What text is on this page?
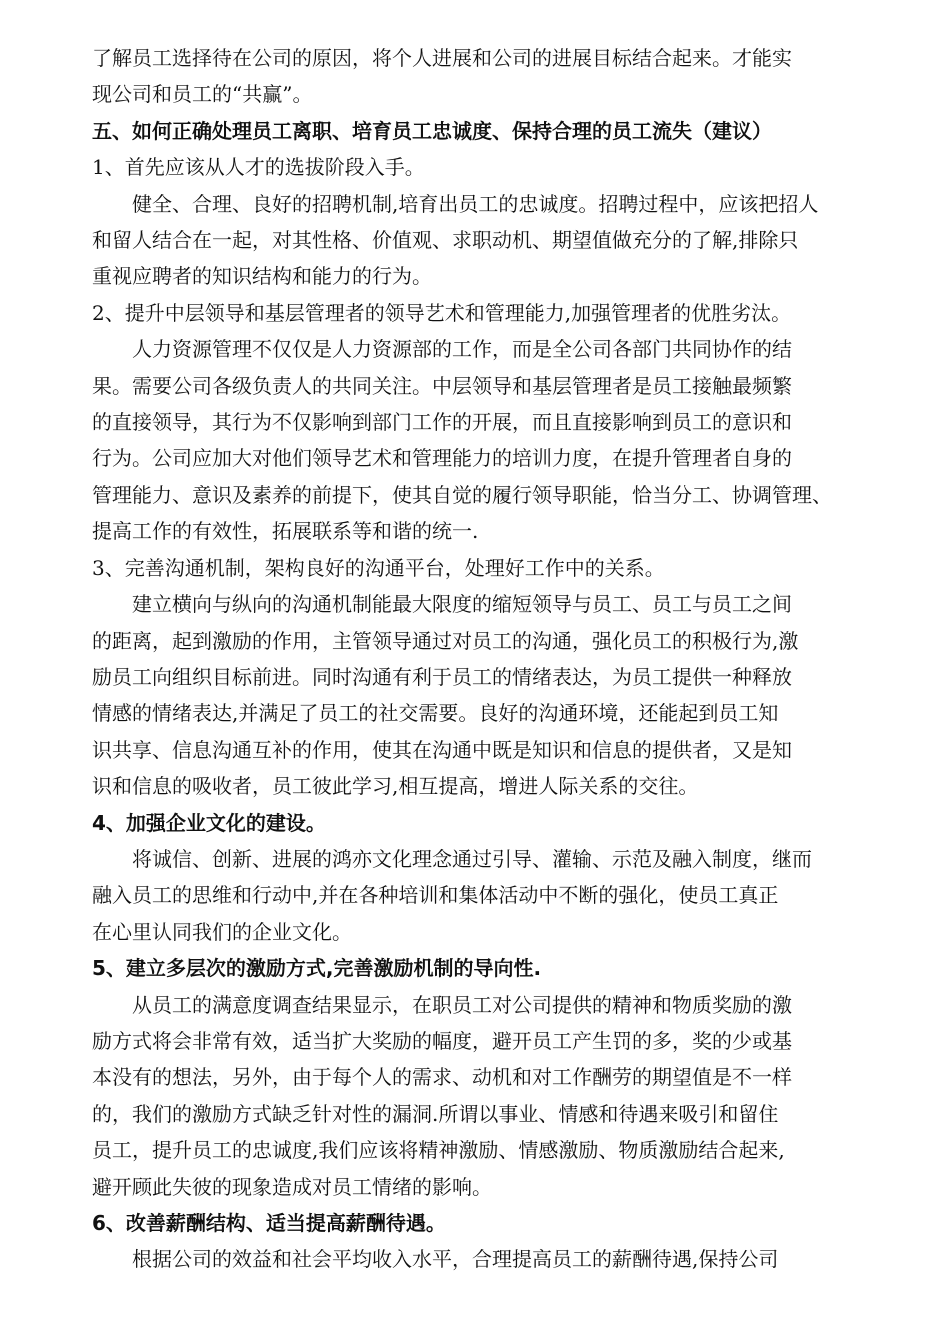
了解员工选择待在公司的原因，将个人进展和公司的进展目标结合起来。才能实

现公司和员工的“共赢”。

五、如何正确处理员工离职、培育员工忠诚度、保持合理的员工流失（建议）

1、首先应该从人才的选拔阶段入手。

健全、合理、良好的招聘机制,培育出员工的忠诚度。招聘过程中，应该把招人

和留人结合在一起，对其性格、价值观、求职动机、期望值做充分的了解,排除只

重视应聘者的知识结构和能力的行为。

2、提升中层领导和基层管理者的领导艺术和管理能力,加强管理者的优胜劣汰。

人力资源管理不仅仅是人力资源部的工作，而是全公司各部门共同协作的结

果。需要公司各级负责人的共同关注。中层领导和基层管理者是员工接触最频繁

的直接领导，其行为不仅影响到部门工作的开展，而且直接影响到员工的意识和

行为。公司应加大对他们领导艺术和管理能力的培训力度，在提升管理者自身的

管理能力、意识及素养的前提下，使其自觉的履行领导职能，恰当分工、协调管理、

提高工作的有效性，拓展联系等和谐的统一.

3、完善沟通机制，架构良好的沟通平台，处理好工作中的关系。

建立横向与纵向的沟通机制能最大限度的缩短领导与员工、员工与员工之间

的距离，起到激励的作用，主管领导通过对员工的沟通，强化员工的积极行为,激

励员工向组织目标前进。同时沟通有利于员工的情绪表达，为员工提供一种释放

情感的情绪表达,并满足了员工的社交需要。良好的沟通环境，还能起到员工知

识共享、信息沟通互补的作用，使其在沟通中既是知识和信息的提供者，又是知

识和信息的吸收者，员工彼此学习,相互提高，增进人际关系的交往。

4、加强企业文化的建设。

将诚信、创新、进展的鸿亦文化理念通过引导、灌输、示范及融入制度，继而

融入员工的思维和行动中,并在各种培训和集体活动中不断的强化，使员工真正

在心里认同我们的企业文化。

5、建立多层次的激励方式,完善激励机制的导向性.

从员工的满意度调查结果显示，在职员工对公司提供的精神和物质奖励的激

励方式将会非常有效，适当扩大奖励的幅度，避开员工产生罚的多，奖的少或基

本没有的想法，另外，由于每个人的需求、动机和对工作酬劳的期望值是不一样

的，我们的激励方式缺乏针对性的漏洞.所谓以事业、情感和待遇来吸引和留住

员工，提升员工的忠诚度,我们应该将精神激励、情感激励、物质激励结合起来,

避开顾此失彼的现象造成对员工情绪的影响。

6、改善薪酬结构、适当提高薪酬待遇。

根据公司的效益和社会平均收入水平，合理提高员工的薪酬待遇,保持公司
